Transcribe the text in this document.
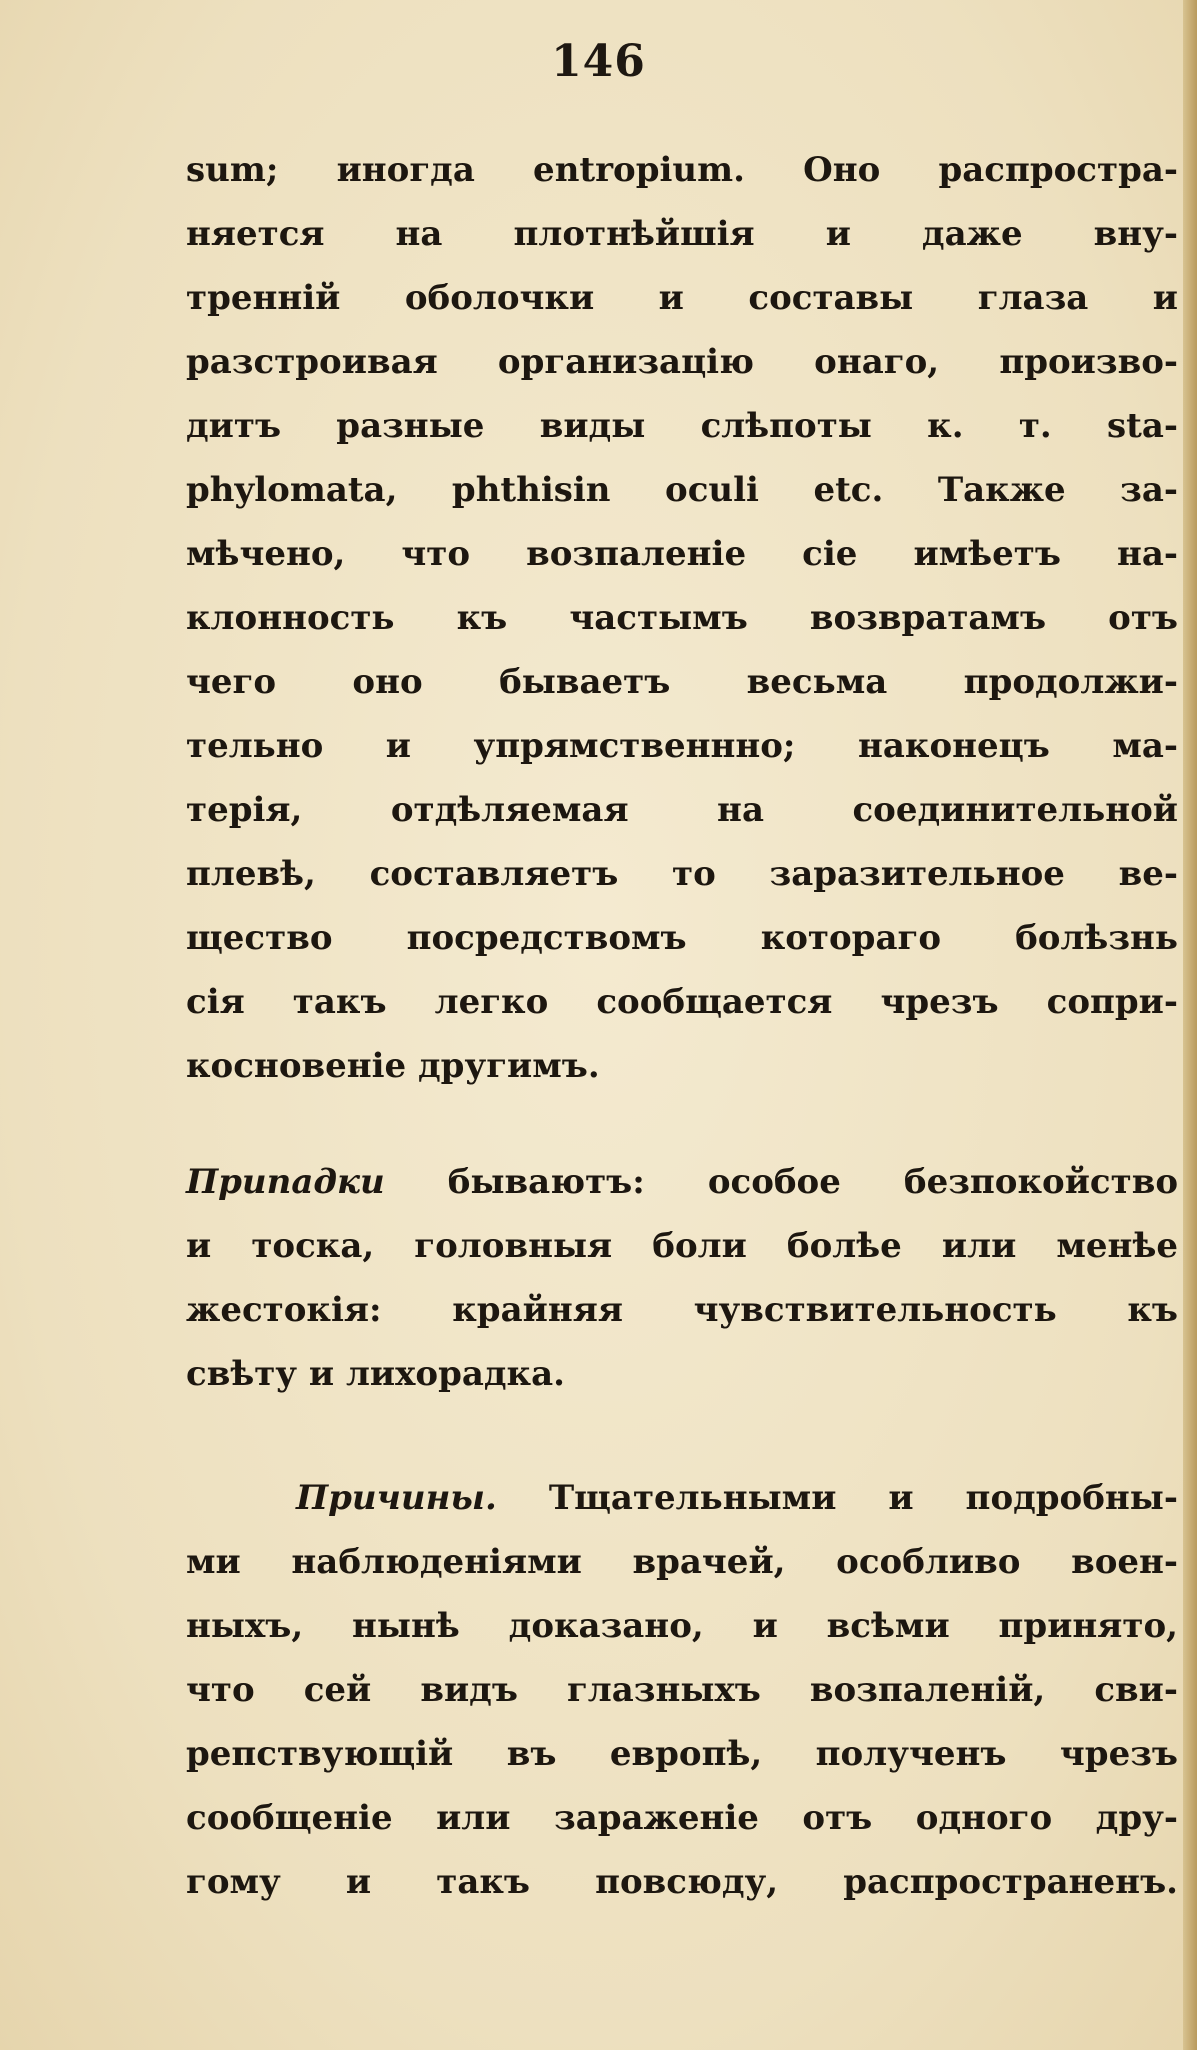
146
sum; иногда entropium. Оно распростра-
няется на плотнѣйшія и даже вну-
тренній оболочки и составы глаза и
разстроивая организацію онаго, произво-
дитъ разные виды слѣпоты к. т. sta-
phylomata, phthisin oculi etc. Также за-
мѣчено, что возпаленіе сіе имѣетъ на-
клонность къ частымъ возвратамъ отъ
чего оно бываетъ весьма продолжи-
тельно и упрямственнно; наконецъ ма-
терія, отдѣляемая на соединительной
плевѣ, составляетъ то заразительное ве-
щество посредствомъ котораго болѣзнь
сія такъ легко сообщается чрезъ сопри-
косновеніе другимъ.
Припадки бываютъ: особое безпокойство
и тоска, головныя боли болѣе или менѣе
жестокія: крайняя чувствительность къ
свѣту и лихорадка.
Причины. Тщательными и подробны-
ми наблюденіями врачей, особливо воен-
ныхъ, нынѣ доказано, и всѣми принято,
что сей видъ глазныхъ возпаленій, сви-
репствующій въ европѣ, полученъ чрезъ
сообщеніе или зараженіе отъ одного дру-
гому и такъ повсюду, распространенъ.
